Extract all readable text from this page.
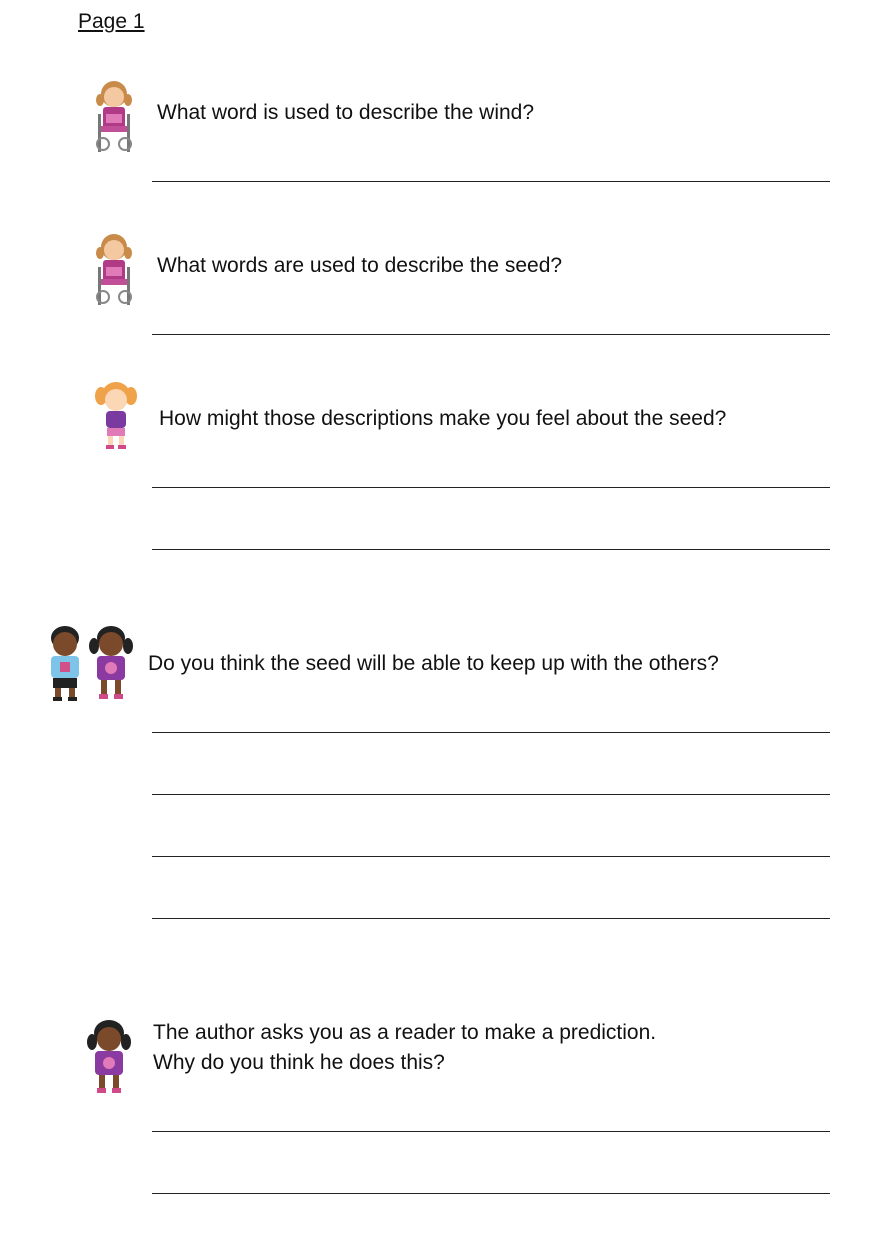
Page 1
What word is used to describe the wind?
What words are used to describe the seed?
How might those descriptions make you feel about the seed?
Do you think the seed will be able to keep up with the others?
The author asks you as a reader to make a prediction.
Why do you think he does this?
